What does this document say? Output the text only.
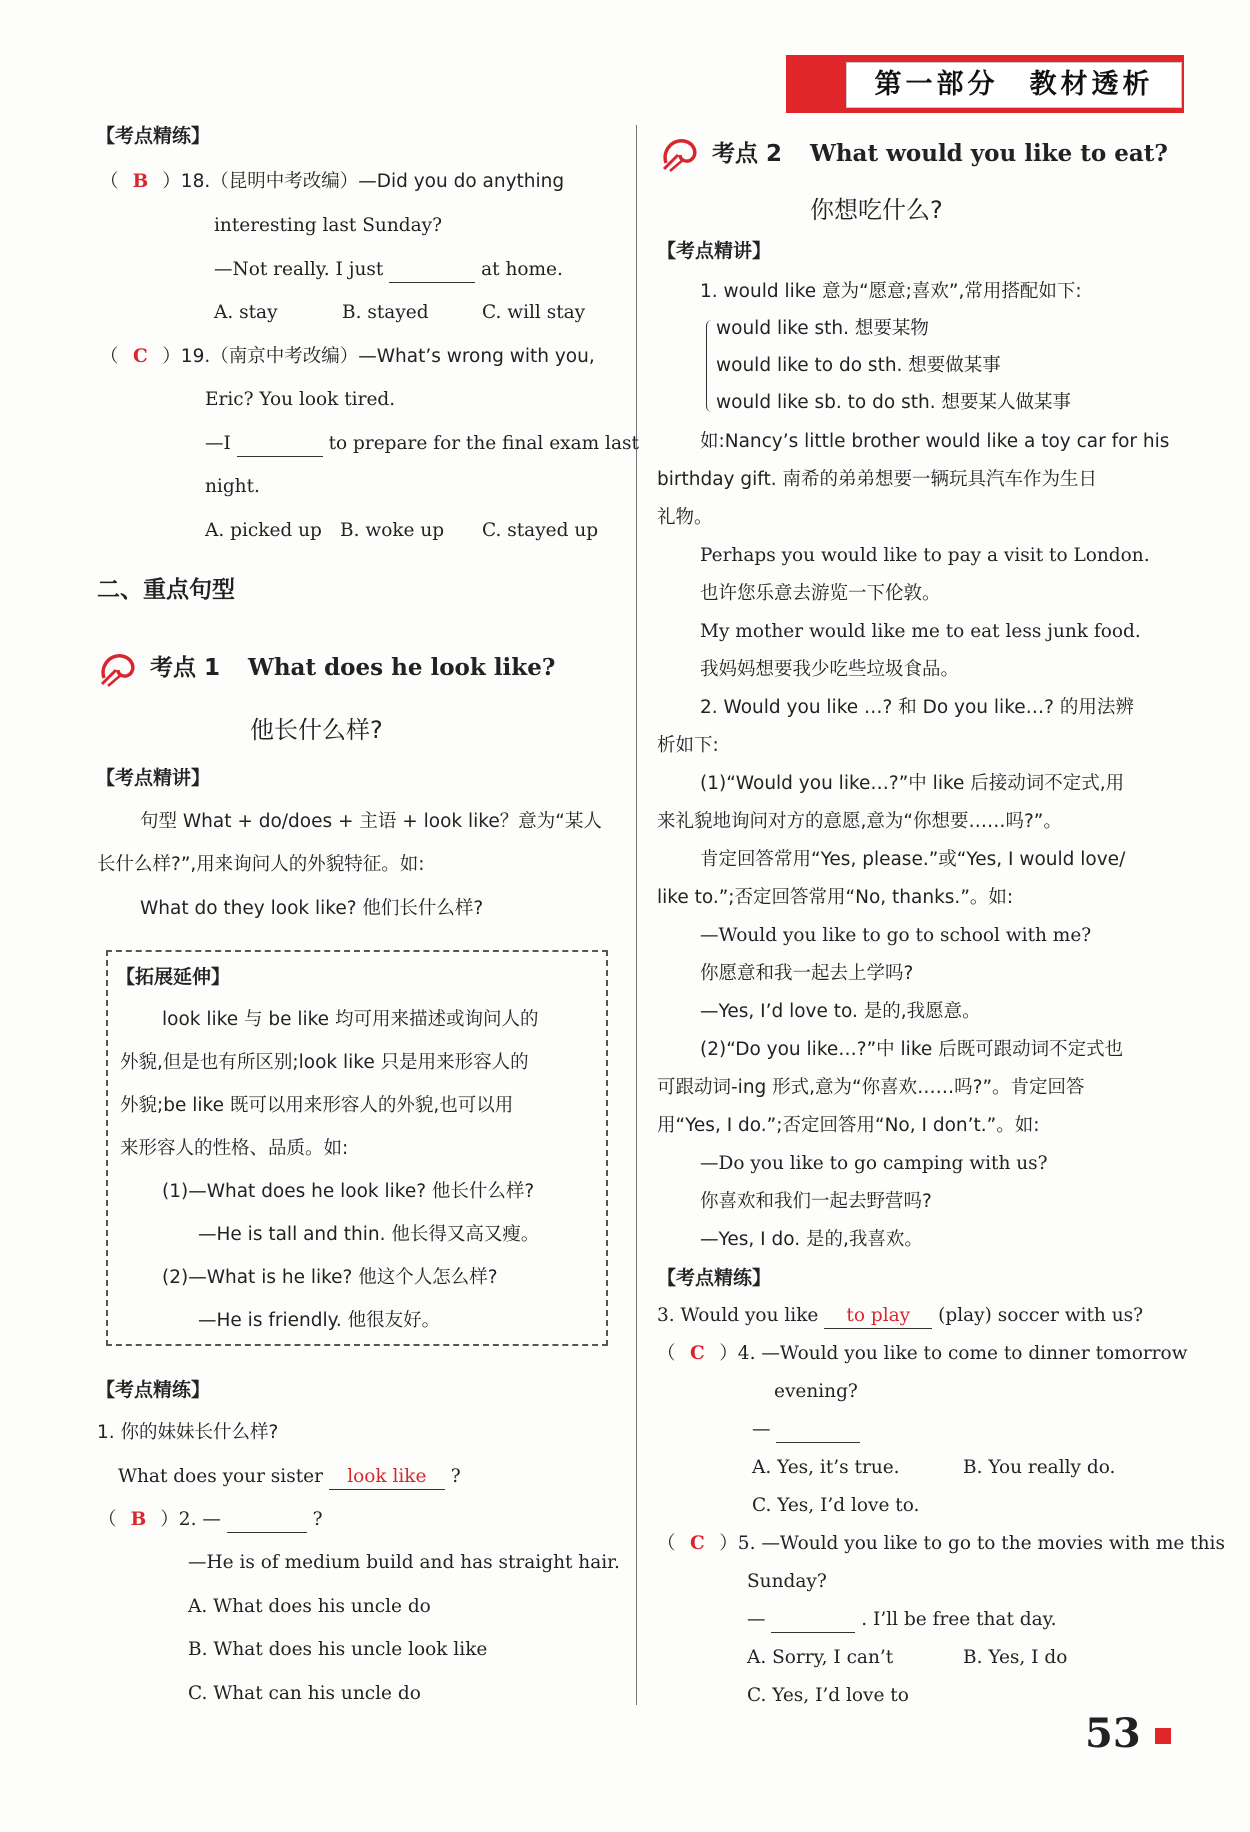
第一部分　教材透析
【考点精练】
（ B ）18.（昆明中考改编）—Did you do anything
interesting last Sunday?
—Not really. I just	at home.
A. stay	B. stayed	C. will stay
（ C ）19.（南京中考改编）—What’s wrong with you,
Eric? You look tired.
—I	to prepare for the final exam last
night.
A. picked up B. woke up C. stayed up
二、重点句型
考点 1 What does he look like?
他长什么样?
【考点精讲】
句型 What + do/does + 主语 + look like？意为“某人
长什么样?”,用来询问人的外貌特征。如:
What do they look like? 他们长什么样?
【拓展延伸】
look like 与 be like 均可用来描述或询问人的
外貌,但是也有所区别;look like 只是用来形容人的
外貌;be like 既可以用来形容人的外貌,也可以用
来形容人的性格、品质。如:
(1)—What does he look like? 他长什么样?
—He is tall and thin. 他长得又高又瘦。
(2)—What is he like? 他这个人怎么样?
—He is friendly. 他很友好。
【考点精练】
1. 你的妹妹长什么样?
What does your sister look like ?
（ B ）2. —	?
—He is of medium build and has straight hair.
A. What does his uncle do
B. What does his uncle look like
C. What can his uncle do
考点 2 What would you like to eat?
你想吃什么?
【考点精讲】
1. would like 意为“愿意;喜欢”,常用搭配如下:
would like sth. 想要某物
would like to do sth. 想要做某事
would like sb. to do sth. 想要某人做某事
如:Nancy’s little brother would like a toy car for his
birthday gift. 南希的弟弟想要一辆玩具汽车作为生日
礼物。
Perhaps you would like to pay a visit to London.
也许您乐意去游览一下伦敦。
My mother would like me to eat less junk food.
我妈妈想要我少吃些垃圾食品。
2. Would you like …? 和 Do you like…? 的用法辨
析如下:
(1)“Would you like…?”中 like 后接动词不定式,用
来礼貌地询问对方的意愿,意为“你想要……吗?”。
肯定回答常用“Yes, please.”或“Yes, I would love/
like to.”;否定回答常用“No, thanks.”。如:
—Would you like to go to school with me?
你愿意和我一起去上学吗?
—Yes, I’d love to. 是的,我愿意。
(2)“Do you like…?”中 like 后既可跟动词不定式也
可跟动词-ing 形式,意为“你喜欢……吗?”。肯定回答
用“Yes, I do.”;否定回答用“No, I don’t.”。如:
—Do you like to go camping with us?
你喜欢和我们一起去野营吗?
—Yes, I do. 是的,我喜欢。
【考点精练】
3. Would you like to play (play) soccer with us?
（ C ）4. —Would you like to come to dinner tomorrow
evening?
—
A. Yes, it’s true.	B. You really do.
C. Yes, I’d love to.
（ C ）5. —Would you like to go to the movies with me this
Sunday?
—	. I’ll be free that day.
A. Sorry, I can’t	B. Yes, I do
C. Yes, I’d love to
53
